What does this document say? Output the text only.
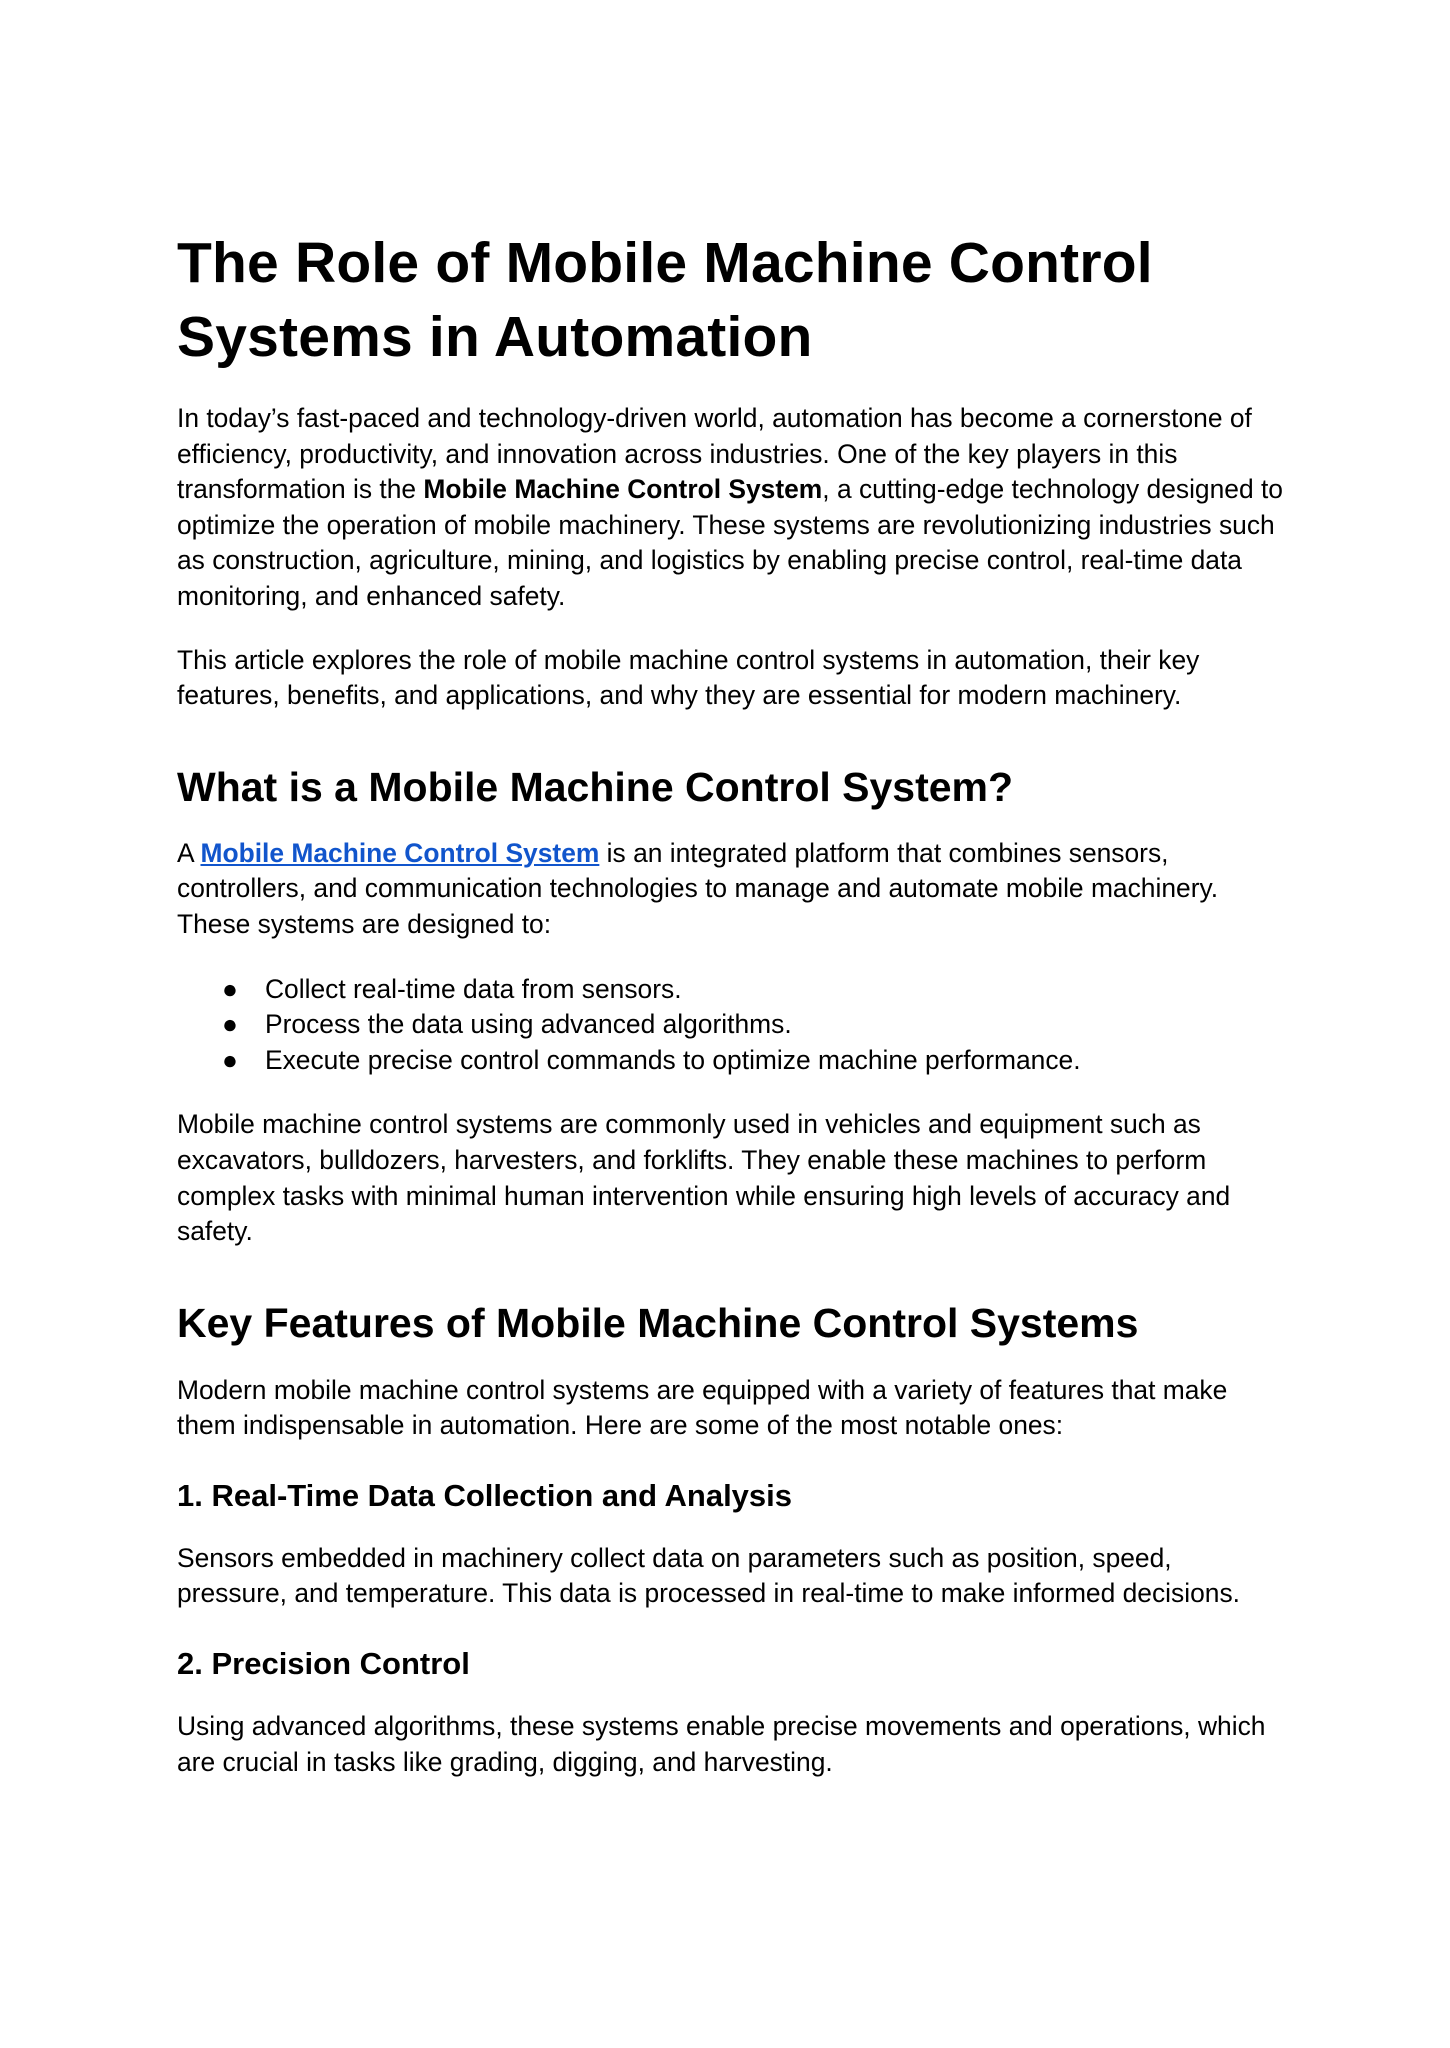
The Role of Mobile Machine Control Systems in Automation

In today’s fast-paced and technology-driven world, automation has become a cornerstone of efficiency, productivity, and innovation across industries. One of the key players in this transformation is the Mobile Machine Control System, a cutting-edge technology designed to optimize the operation of mobile machinery. These systems are revolutionizing industries such as construction, agriculture, mining, and logistics by enabling precise control, real-time data monitoring, and enhanced safety.

This article explores the role of mobile machine control systems in automation, their key features, benefits, and applications, and why they are essential for modern machinery.

What is a Mobile Machine Control System?

A Mobile Machine Control System is an integrated platform that combines sensors, controllers, and communication technologies to manage and automate mobile machinery. These systems are designed to:

● Collect real-time data from sensors.
● Process the data using advanced algorithms.
● Execute precise control commands to optimize machine performance.

Mobile machine control systems are commonly used in vehicles and equipment such as excavators, bulldozers, harvesters, and forklifts. They enable these machines to perform complex tasks with minimal human intervention while ensuring high levels of accuracy and safety.

Key Features of Mobile Machine Control Systems

Modern mobile machine control systems are equipped with a variety of features that make them indispensable in automation. Here are some of the most notable ones:

1. Real-Time Data Collection and Analysis

Sensors embedded in machinery collect data on parameters such as position, speed, pressure, and temperature. This data is processed in real-time to make informed decisions.

2. Precision Control

Using advanced algorithms, these systems enable precise movements and operations, which are crucial in tasks like grading, digging, and harvesting.
